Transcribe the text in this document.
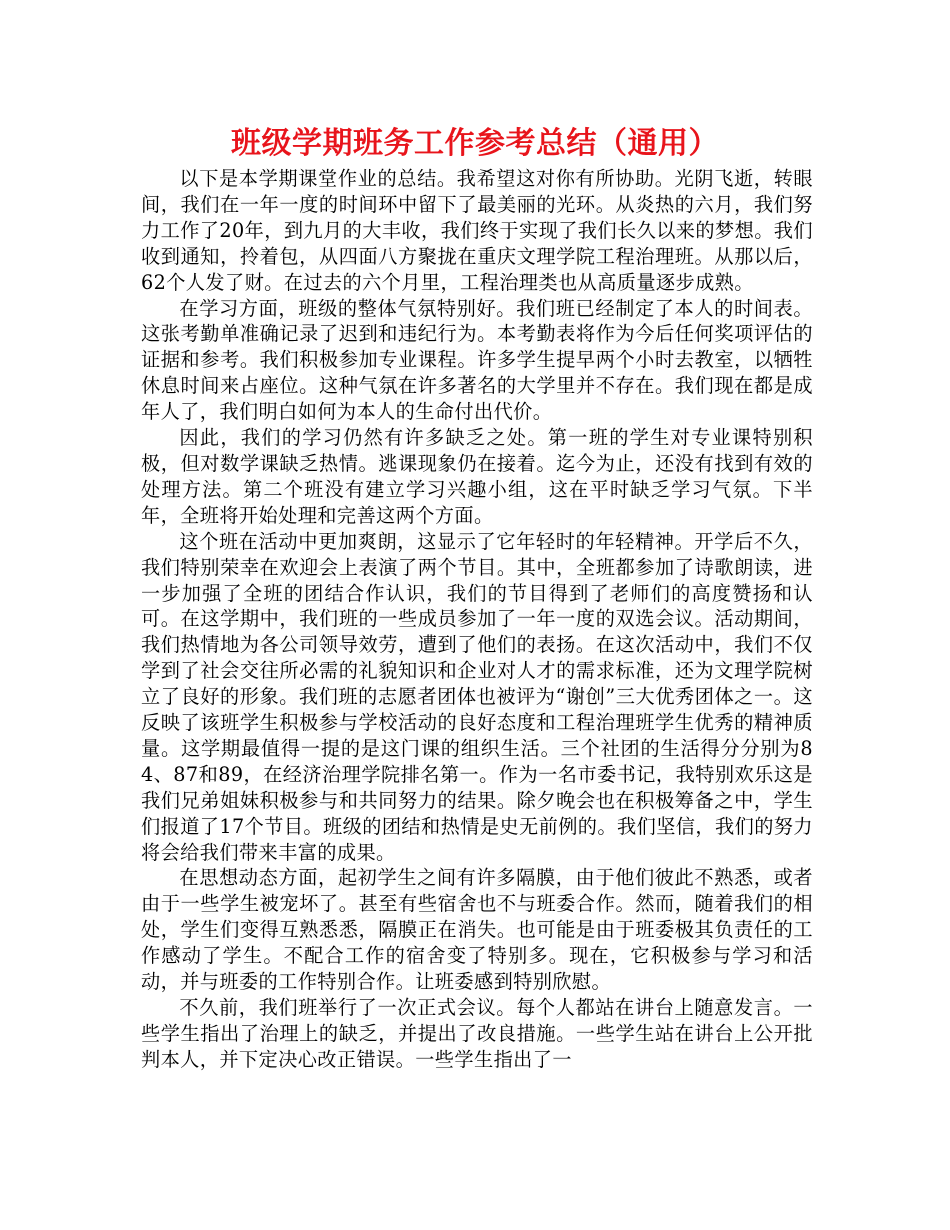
班级学期班务工作参考总结（通用）

以下是本学期课堂作业的总结。我希望这对你有所协助。光阴飞逝，转眼间，我们在一年一度的时间环中留下了最美丽的光环。从炎热的六月，我们努力工作了20年，到九月的大丰收，我们终于实现了我们长久以来的梦想。我们收到通知，拎着包，从四面八方聚拢在重庆文理学院工程治理班。从那以后，62个人发了财。在过去的六个月里，工程治理类也从高质量逐步成熟。

在学习方面，班级的整体气氛特别好。我们班已经制定了本人的时间表。这张考勤单准确记录了迟到和违纪行为。本考勤表将作为今后任何奖项评估的证据和参考。我们积极参加专业课程。许多学生提早两个小时去教室，以牺牲休息时间来占座位。这种气氛在许多著名的大学里并不存在。我们现在都是成年人了，我们明白如何为本人的生命付出代价。

因此，我们的学习仍然有许多缺乏之处。第一班的学生对专业课特别积极，但对数学课缺乏热情。逃课现象仍在接着。迄今为止，还没有找到有效的处理方法。第二个班没有建立学习兴趣小组，这在平时缺乏学习气氛。下半年，全班将开始处理和完善这两个方面。

这个班在活动中更加爽朗，这显示了它年轻时的年轻精神。开学后不久，我们特别荣幸在欢迎会上表演了两个节目。其中，全班都参加了诗歌朗读，进一步加强了全班的团结合作认识，我们的节目得到了老师们的高度赞扬和认可。在这学期中，我们班的一些成员参加了一年一度的双选会议。活动期间，我们热情地为各公司领导效劳，遭到了他们的表扬。在这次活动中，我们不仅学到了社会交往所必需的礼貌知识和企业对人才的需求标准，还为文理学院树立了良好的形象。我们班的志愿者团体也被评为“谢创”三大优秀团体之一。这反映了该班学生积极参与学校活动的良好态度和工程治理班学生优秀的精神质量。这学期最值得一提的是这门课的组织生活。三个社团的生活得分分别为84、87和89，在经济治理学院排名第一。作为一名市委书记，我特别欢乐这是我们兄弟姐妹积极参与和共同努力的结果。除夕晚会也在积极筹备之中，学生们报道了17个节目。班级的团结和热情是史无前例的。我们坚信，我们的努力将会给我们带来丰富的成果。

在思想动态方面，起初学生之间有许多隔膜，由于他们彼此不熟悉，或者由于一些学生被宠坏了。甚至有些宿舍也不与班委合作。然而，随着我们的相处，学生们变得互熟悉悉，隔膜正在消失。也可能是由于班委极其负责任的工作感动了学生。不配合工作的宿舍变了特别多。现在，它积极参与学习和活动，并与班委的工作特别合作。让班委感到特别欣慰。

不久前，我们班举行了一次正式会议。每个人都站在讲台上随意发言。一些学生指出了治理上的缺乏，并提出了改良措施。一些学生站在讲台上公开批判本人，并下定决心改正错误。一些学生指出了一
